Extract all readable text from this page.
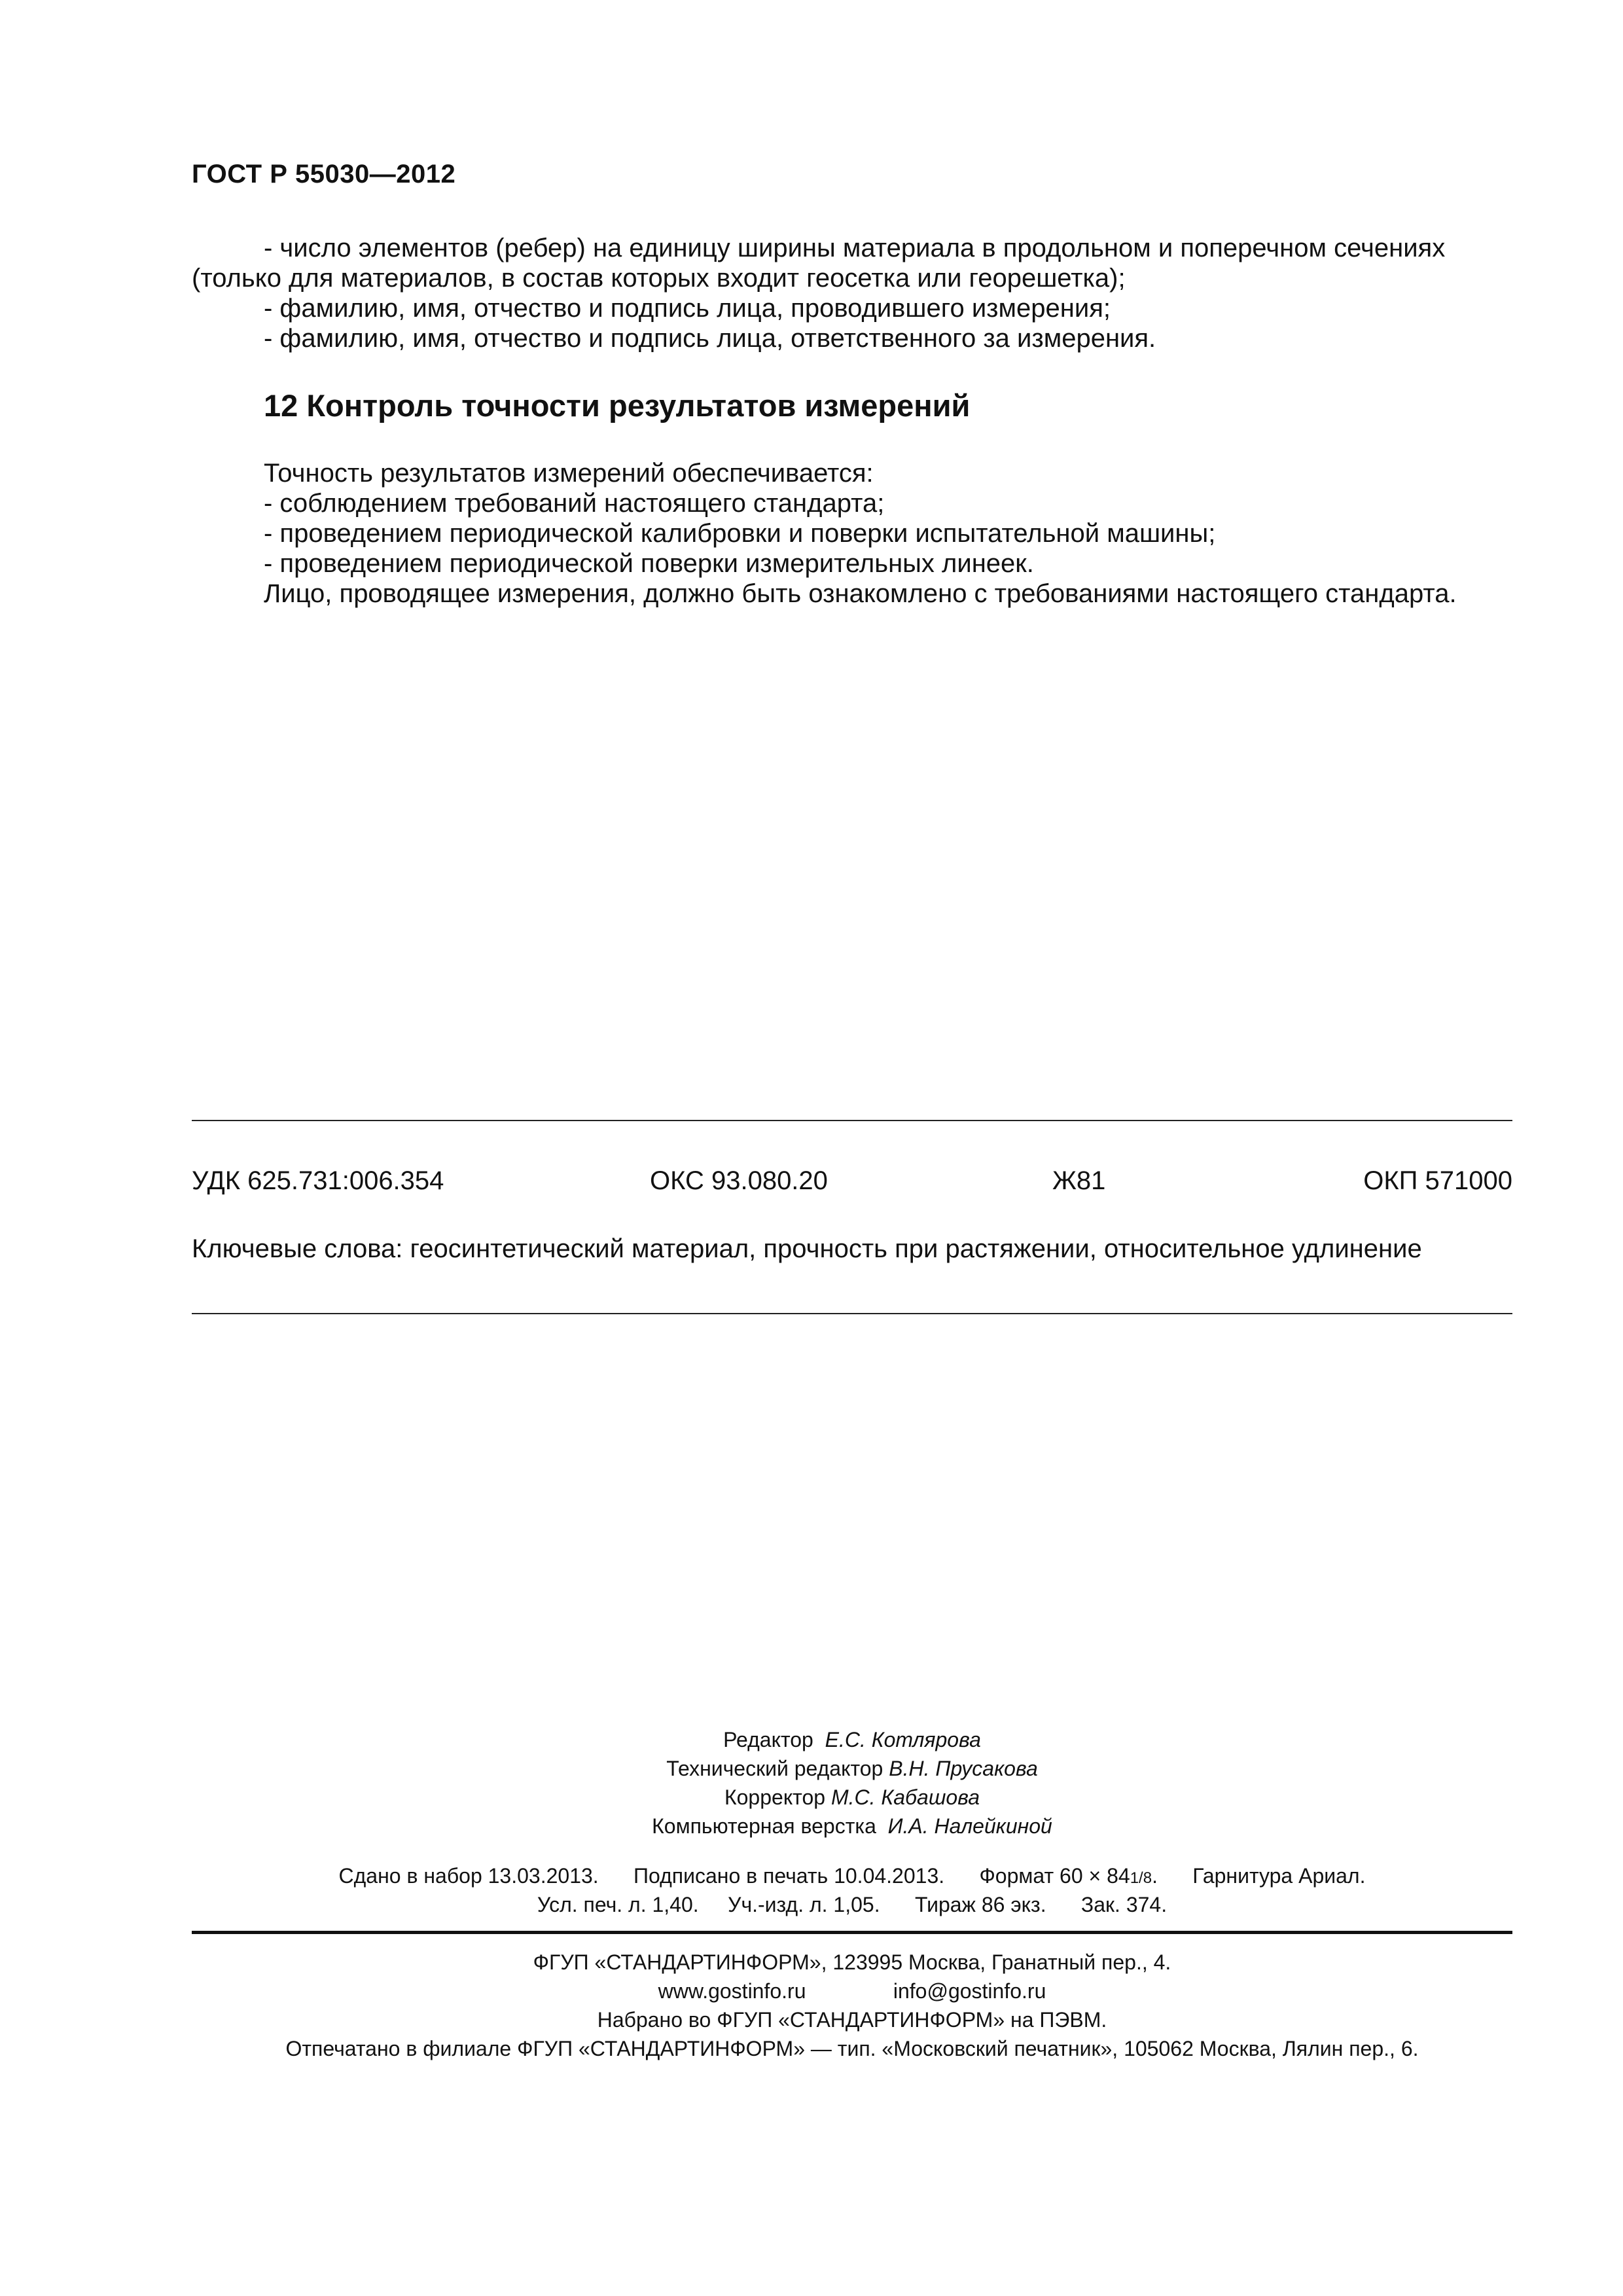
ГОСТ Р 55030—2012
- число элементов (ребер) на единицу ширины материала в продольном и поперечном сечениях
(только для материалов, в состав которых входит геосетка или георешетка);
- фамилию, имя, отчество и подпись лица, проводившего измерения;
- фамилию, имя, отчество и подпись лица, ответственного за измерения.
12 Контроль точности результатов измерений
Точность результатов измерений обеспечивается:
- соблюдением требований настоящего стандарта;
- проведением периодической калибровки и поверки испытательной машины;
- проведением периодической поверки измерительных линеек.
Лицо, проводящее измерения, должно быть ознакомлено с требованиями настоящего стандарта.
УДК 625.731:006.354	ОКС 93.080.20	Ж81	ОКП 571000
Ключевые слова: геосинтетический материал, прочность при растяжении, относительное удлинение
Редактор Е.С. Котлярова
Технический редактор В.Н. Прусакова
Корректор М.С. Кабашова
Компьютерная верстка И.А. Налейкиной
Сдано в набор 13.03.2013. Подписано в печать 10.04.2013. Формат 60 × 841/8. Гарнитура Ариал.
Усл. печ. л. 1,40. Уч.-изд. л. 1,05. Тираж 86 экз. Зак. 374.
ФГУП «СТАНДАРТИНФОРМ», 123995 Москва, Гранатный пер., 4.
www.gostinfo.ru	info@gostinfo.ru
Набрано во ФГУП «СТАНДАРТИНФОРМ» на ПЭВМ.
Отпечатано в филиале ФГУП «СТАНДАРТИНФОРМ» — тип. «Московский печатник», 105062 Москва, Лялин пер., 6.
